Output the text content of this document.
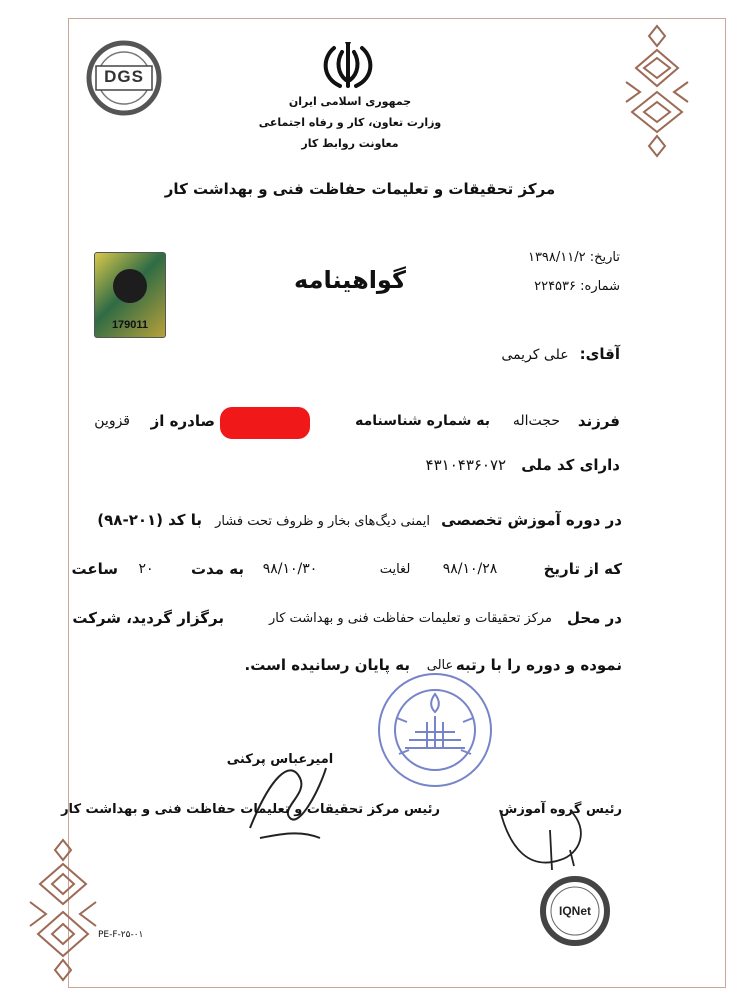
DGS
جمهوری اسلامی ایران
وزارت تعاون، کار و رفاه اجتماعی
معاونت روابط کار
مرکز تحقیقات و تعلیمات حفاظت فنی و بهداشت کار
تاریخ: ۱۳۹۸/۱۱/۲
شماره: ۲۲۴۵۳۶
گواهینامه
179011
آقای: علی کریمی
فرزند
حجت‌اله
به شماره شناسنامه
صادره از
قزوین
دارای کد ملی ۴۳۱۰۴۳۶۰۷۲
در دوره آموزش تخصصی ایمنی دیگ‌های بخار و ظروف تحت فشار با کد (۲۰۱-۹۸)
که از تاریخ
۹۸/۱۰/۲۸
لغایت
۹۸/۱۰/۳۰
به مدت
۲۰
ساعت
در محل
مرکز تحقیقات و تعلیمات حفاظت فنی و بهداشت کار
برگزار گردید، شرکت
نموده و دوره را با رتبه
عالی
به پایان رسانیده است.
امیرعباس پرکنی
رئیس مرکز تحقیقات و تعلیمات حفاظت فنی و بهداشت کار	رئیس گروه آموزش
IQNet
PE-F-۲۵-۰۱
